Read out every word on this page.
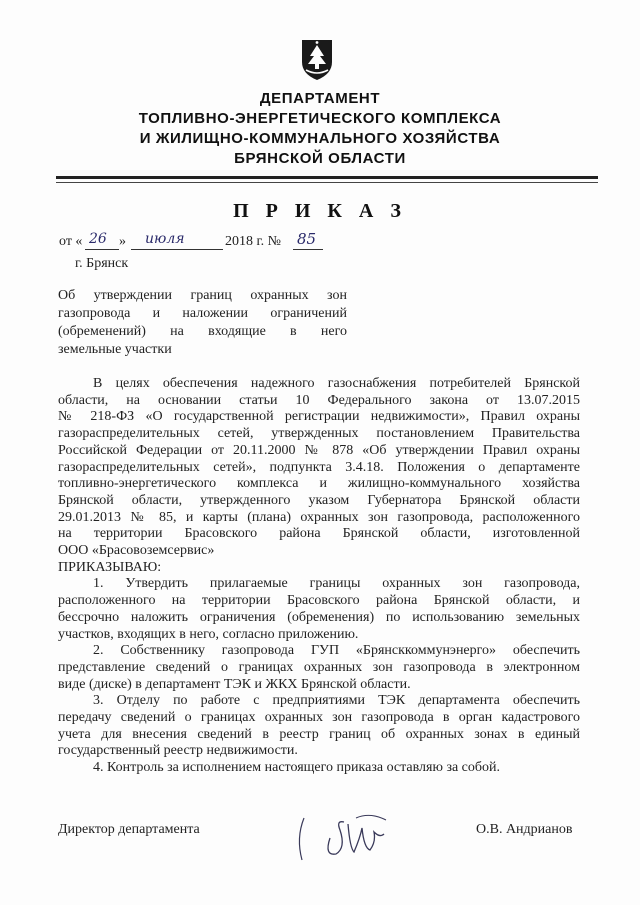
ДЕПАРТАМЕНТ
ТОПЛИВНО-ЭНЕРГЕТИЧЕСКОГО КОМПЛЕКСА
И ЖИЛИЩНО-КОММУНАЛЬНОГО ХОЗЯЙСТВА
БРЯНСКОЙ ОБЛАСТИ
П Р И К А З
от « 26 » июля	2018 г. № 85
г. Брянск
Об утверждении границ охранных зон
газопровода и наложении ограничений
(обременений) на входящие в него
земельные участки
В целях обеспечения надежного газоснабжения потребителей Брянской
области, на основании статьи 10 Федерального закона от 13.07.2015
№ 218-ФЗ «О государственной регистрации недвижимости», Правил охраны
газораспределительных сетей, утвержденных постановлением Правительства
Российской Федерации от 20.11.2000 № 878 «Об утверждении Правил охраны
газораспределительных сетей», подпункта 3.4.18. Положения о департаменте
топливно-энергетического комплекса и жилищно-коммунального хозяйства
Брянской области, утвержденного указом Губернатора Брянской области
29.01.2013 № 85, и карты (плана) охранных зон газопровода, расположенного
на территории Брасовского района Брянской области, изготовленной
ООО «Брасовоземсервис»
ПРИКАЗЫВАЮ:
1. Утвердить прилагаемые границы охранных зон газопровода,
расположенного на территории Брасовского района Брянской области, и
бессрочно наложить ограничения (обременения) по использованию земельных
участков, входящих в него, согласно приложению.
2. Собственнику газопровода ГУП «Брянсккоммунэнерго» обеспечить
представление сведений о границах охранных зон газопровода в электронном
виде (диске) в департамент ТЭК и ЖКХ Брянской области.
3. Отделу по работе с предприятиями ТЭК департамента обеспечить
передачу сведений о границах охранных зон газопровода в орган кадастрового
учета для внесения сведений в реестр границ об охранных зонах в единый
государственный реестр недвижимости.
4. Контроль за исполнением настоящего приказа оставляю за собой.
Директор департамента	О.В. Андрианов
